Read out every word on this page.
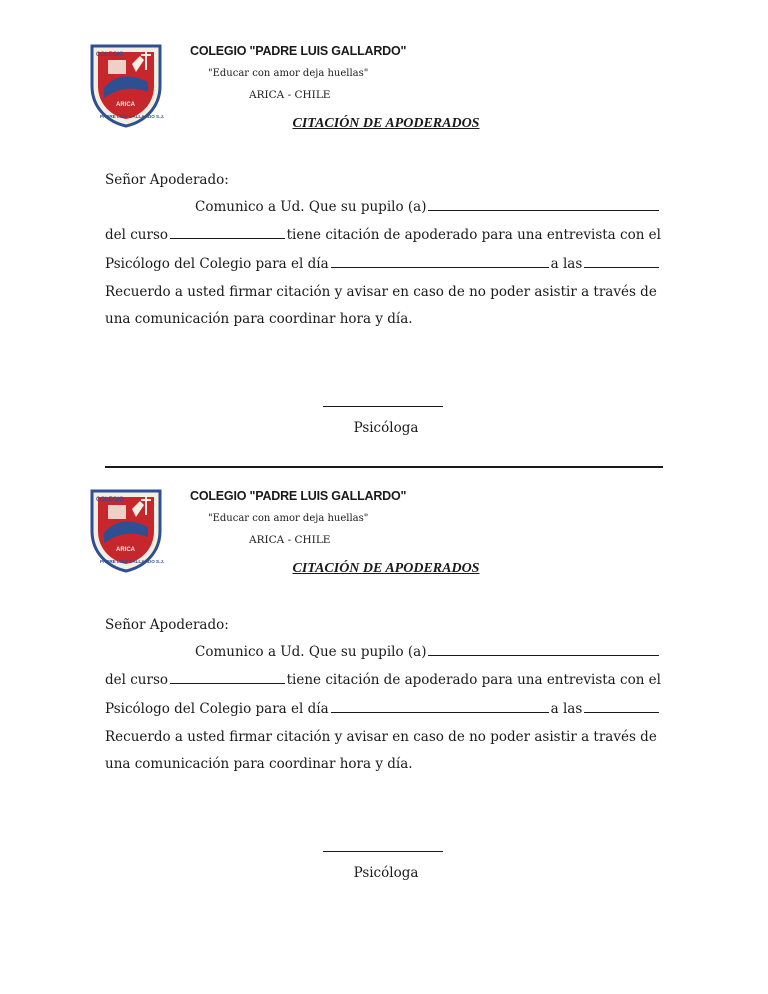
COLEGIO
ARICA
PADRE LUIS GALLARDO S.J.
COLEGIO "PADRE LUIS GALLARDO"
"Educar con amor deja huellas"
ARICA - CHILE
CITACIÓN DE APODERADOS
Señor Apoderado:
Comunico a Ud. Que su pupilo (a)
del curso	tiene citación de apoderado para una entrevista con el
Psicólogo del Colegio para el día	a las
Recuerdo a usted firmar citación y avisar en caso de no poder asistir a través de
una comunicación para coordinar hora y día.
Psicóloga
COLEGIO
ARICA
PADRE LUIS GALLARDO S.J.
COLEGIO "PADRE LUIS GALLARDO"
"Educar con amor deja huellas"
ARICA - CHILE
CITACIÓN DE APODERADOS
Señor Apoderado:
Comunico a Ud. Que su pupilo (a)
del curso	tiene citación de apoderado para una entrevista con el
Psicólogo del Colegio para el día	a las
Recuerdo a usted firmar citación y avisar en caso de no poder asistir a través de
una comunicación para coordinar hora y día.
Psicóloga
